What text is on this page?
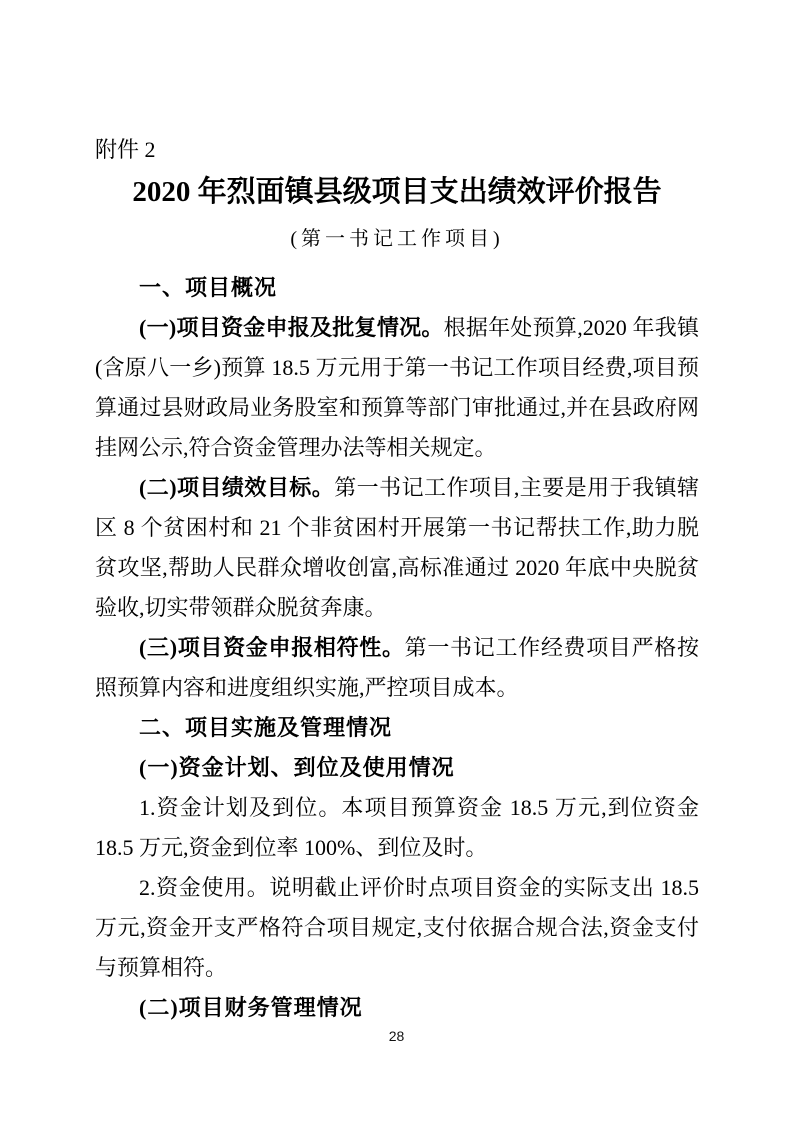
附件 2
2020 年烈面镇县级项目支出绩效评价报告
(第一书记工作项目)
一、项目概况

(一)项目资金申报及批复情况。根据年处预算,2020 年我镇(含原八一乡)预算 18.5 万元用于第一书记工作项目经费,项目预算通过县财政局业务股室和预算等部门审批通过,并在县政府网挂网公示,符合资金管理办法等相关规定。

(二)项目绩效目标。第一书记工作项目,主要是用于我镇辖区 8 个贫困村和 21 个非贫困村开展第一书记帮扶工作,助力脱贫攻坚,帮助人民群众增收创富,高标准通过 2020 年底中央脱贫验收,切实带领群众脱贫奔康。

(三)项目资金申报相符性。第一书记工作经费项目严格按照预算内容和进度组织实施,严控项目成本。

二、项目实施及管理情况
(一)资金计划、到位及使用情况

1.资金计划及到位。本项目预算资金 18.5 万元,到位资金 18.5 万元,资金到位率 100%、到位及时。

2.资金使用。说明截止评价时点项目资金的实际支出 18.5 万元,资金开支严格符合项目规定,支付依据合规合法,资金支付与预算相符。

(二)项目财务管理情况
28
